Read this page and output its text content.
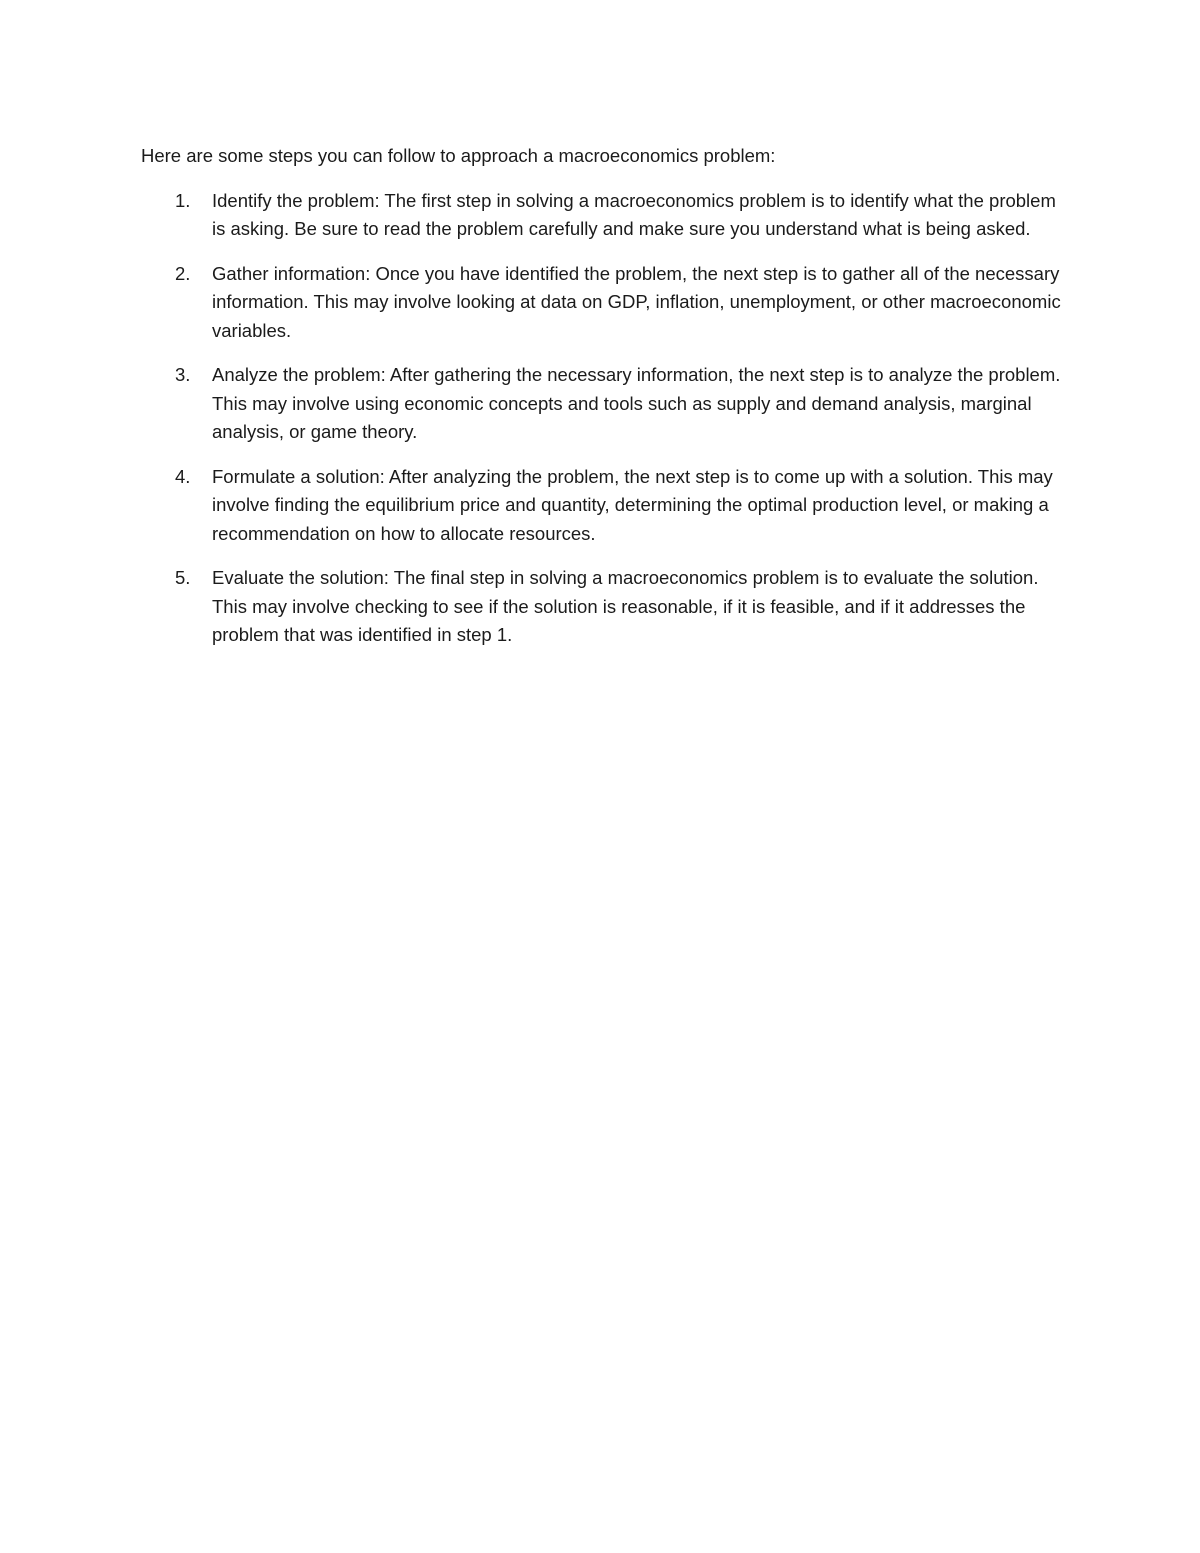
Here are some steps you can follow to approach a macroeconomics problem:

1. Identify the problem: The first step in solving a macroeconomics problem is to identify what the problem is asking. Be sure to read the problem carefully and make sure you understand what is being asked.
2. Gather information: Once you have identified the problem, the next step is to gather all of the necessary information. This may involve looking at data on GDP, inflation, unemployment, or other macroeconomic variables.
3. Analyze the problem: After gathering the necessary information, the next step is to analyze the problem. This may involve using economic concepts and tools such as supply and demand analysis, marginal analysis, or game theory.
4. Formulate a solution: After analyzing the problem, the next step is to come up with a solution. This may involve finding the equilibrium price and quantity, determining the optimal production level, or making a recommendation on how to allocate resources.
5. Evaluate the solution: The final step in solving a macroeconomics problem is to evaluate the solution. This may involve checking to see if the solution is reasonable, if it is feasible, and if it addresses the problem that was identified in step 1.
